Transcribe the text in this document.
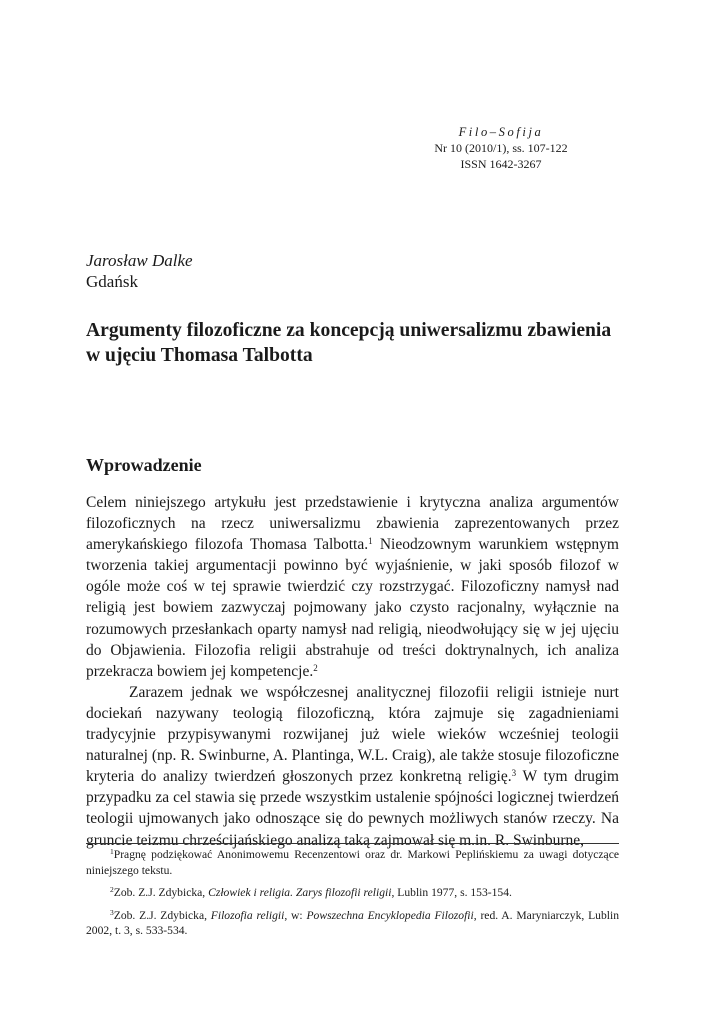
Filo–Sofija
Nr 10 (2010/1), ss. 107-122
ISSN 1642-3267
Jarosław Dalke
Gdańsk
Argumenty filozoficzne za koncepcją uniwersalizmu zbawienia w ujęciu Thomasa Talbotta
Wprowadzenie

Celem niniejszego artykułu jest przedstawienie i krytyczna analiza argumentów filozoficznych na rzecz uniwersalizmu zbawienia zaprezentowanych przez amerykańskiego filozofa Thomasa Talbotta.$^1$ Nieodzownym warunkiem wstępnym tworzenia takiej argumentacji powinno być wyjaśnienie, w jaki sposób filozof w ogóle może coś w tej sprawie twierdzić czy rozstrzygać. Filozoficzny namysł nad religią jest bowiem zazwyczaj pojmowany jako czysto racjonalny, wyłącznie na rozumowych przesłankach oparty namysł nad religią, nieodwołujący się w jej ujęciu do Objawienia. Filozofia religii abstrahuje od treści doktrynalnych, ich analiza przekracza bowiem jej kompetencje.$^2$

Zarazem jednak we współczesnej analitycznej filozofii religii istnieje nurt dociekań nazywany teologią filozoficzną, która zajmuje się zagadnieniami tradycyjnie przypisywanymi rozwijanej już wiele wieków wcześniej teologii naturalnej (np. R. Swinburne, A. Plantinga, W.L. Craig), ale także stosuje filozoficzne kryteria do analizy twierdzeń głoszonych przez konkretną religię.$^3$ W tym drugim przypadku za cel stawia się przede wszystkim ustalenie spójności logicznej twierdzeń teologii ujmowanych jako odnoszące się do pewnych możliwych stanów rzeczy. Na gruncie teizmu chrześcijańskiego analizą taką zajmował się m.in. R. Swinburne,

$^1$Pragnę podziękować Anonimowemu Recenzentowi oraz dr. Markowi Peplińskiemu za uwagi dotyczące niniejszego tekstu.

$^2$Zob. Z.J. Zdybicka, Człowiek i religia. Zarys filozofii religii, Lublin 1977, s. 153-154.

$^3$Zob. Z.J. Zdybicka, Filozofia religii, w: Powszechna Encyklopedia Filozofii, red. A. Maryniarczyk, Lublin 2002, t. 3, s. 533-534.
